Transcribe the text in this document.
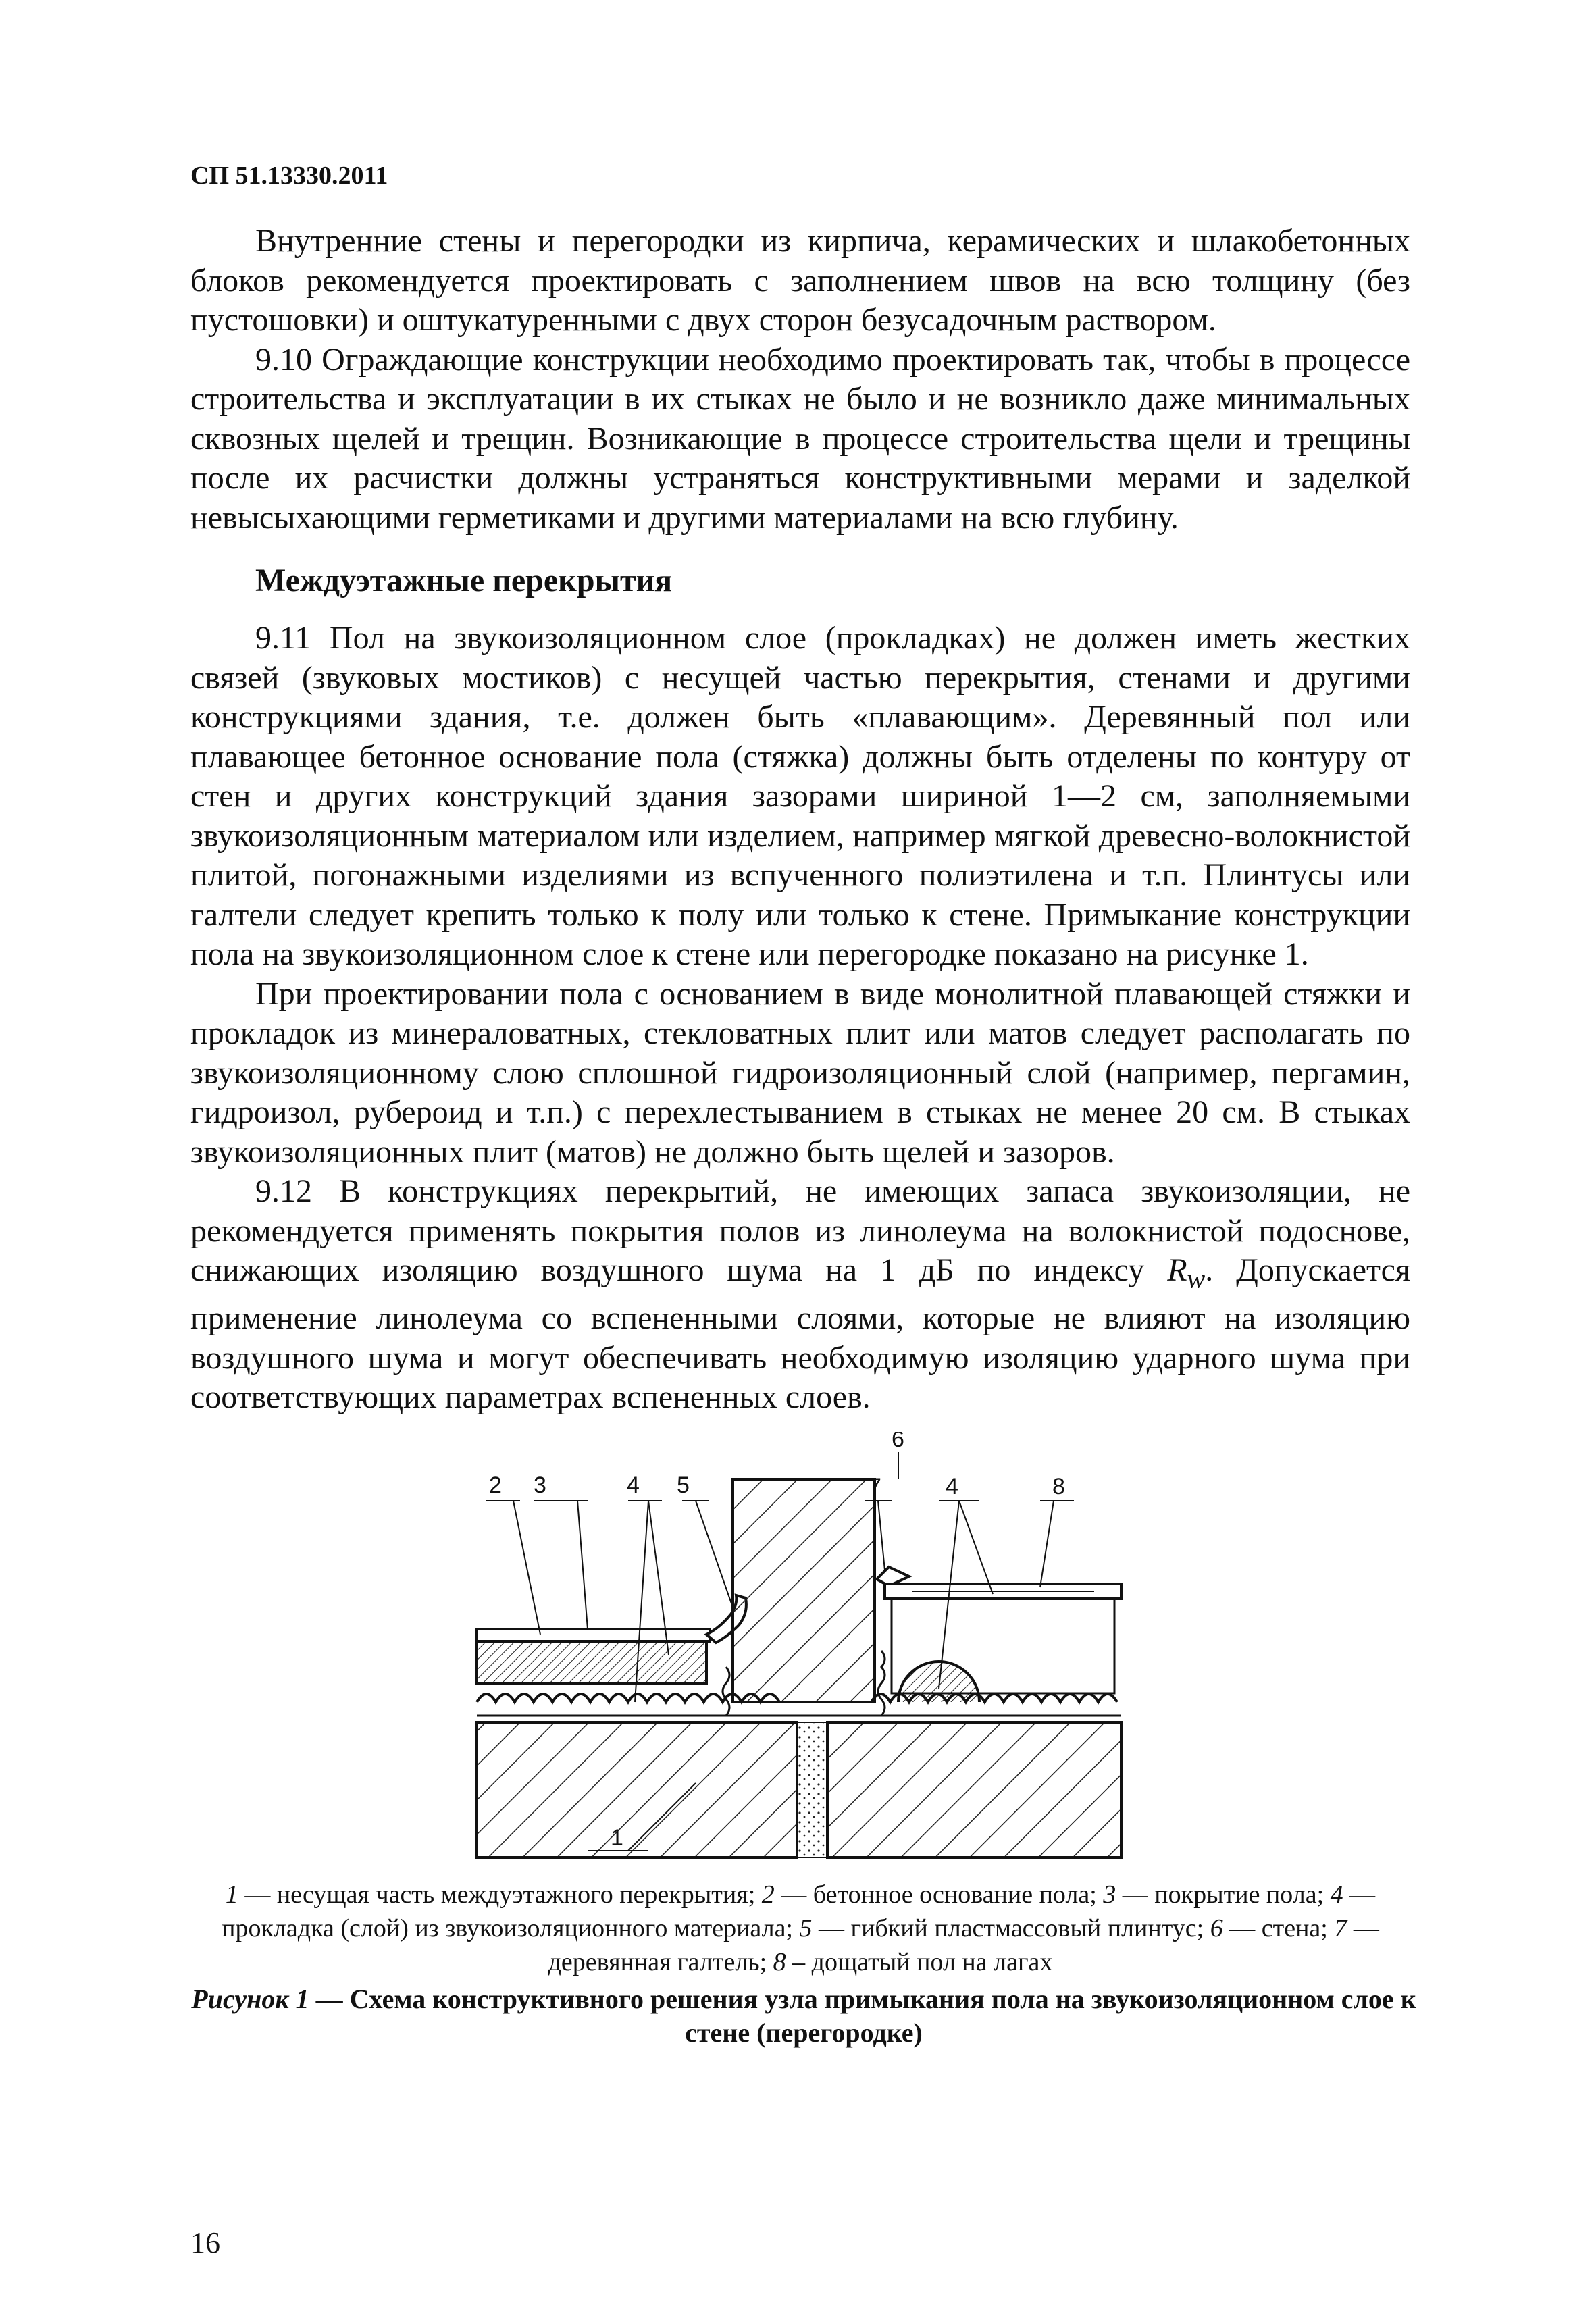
СП 51.13330.2011

Внутренние стены и перегородки из кирпича, керамических и шлакобетонных блоков рекомендуется проектировать с заполнением швов на всю толщину (без пустошовки) и оштукатуренными с двух сторон безусадочным раствором.

9.10 Ограждающие конструкции необходимо проектировать так, чтобы в процессе строительства и эксплуатации в их стыках не было и не возникло даже минимальных сквозных щелей и трещин. Возникающие в процессе строительства щели и трещины после их расчистки должны устраняться конструктивными мерами и заделкой невысыхающими герметиками и другими материалами на всю глубину.

Междуэтажные перекрытия

9.11 Пол на звукоизоляционном слое (прокладках) не должен иметь жестких связей (звуковых мостиков) с несущей частью перекрытия, стенами и другими конструкциями здания, т.е. должен быть «плавающим». Деревянный пол или плавающее бетонное основание пола (стяжка) должны быть отделены по контуру от стен и других конструкций здания зазорами шириной 1—2 см, заполняемыми звукоизоляционным материалом или изделием, например мягкой древесно-волокнистой плитой, погонажными изделиями из вспученного полиэтилена и т.п. Плинтусы или галтели следует крепить только к полу или только к стене. Примыкание конструкции пола на звукоизоляционном слое к стене или перегородке показано на рисунке 1.

При проектировании пола с основанием в виде монолитной плавающей стяжки и прокладок из минераловатных, стекловатных плит или матов следует располагать по звукоизоляционному слою сплошной гидроизоляционный слой (например, пергамин, гидроизол, рубероид и т.п.) с перехлестыванием в стыках не менее 20 см. В стыках звукоизоляционных плит (матов) не должно быть щелей и зазоров.

9.12 В конструкциях перекрытий, не имеющих запаса звукоизоляции, не рекомендуется применять покрытия полов из линолеума на волокнистой подоснове, снижающих изоляцию воздушного шума на 1 дБ по индексу $R_w$. Допускается применение линолеума со вспененными слоями, которые не влияют на изоляцию воздушного шума и могут обеспечивать необходимую изоляцию ударного шума при соответствующих параметрах вспененных слоев.

2 3	4 5
6
7	4	8
1
1 — несущая часть междуэтажного перекрытия; 2 — бетонное основание пола; 3 — покрытие пола; 4 — прокладка (слой) из звукоизоляционного материала; 5 — гибкий пластмассовый плинтус; 6 — стена; 7 — деревянная галтель; 8 – дощатый пол на лагах
Рисунок 1 — Схема конструктивного решения узла примыкания пола на звукоизоляционном слое к стене (перегородке)
16
